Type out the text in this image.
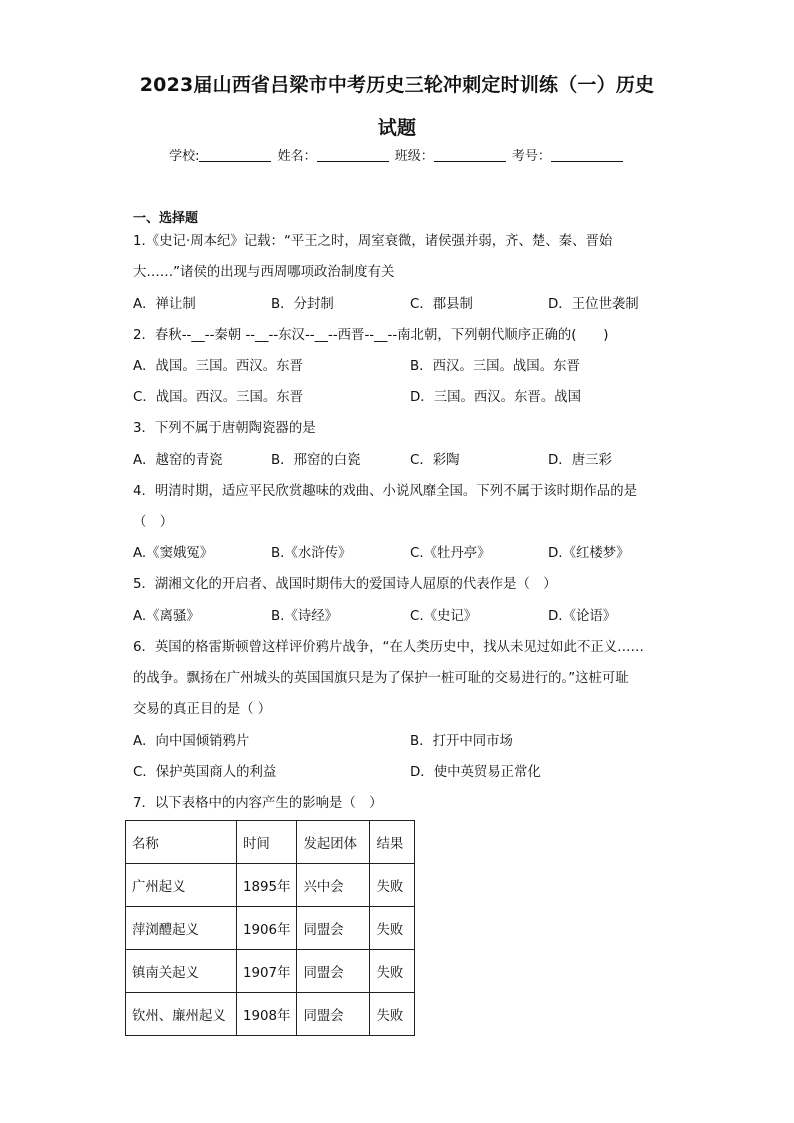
2023届山西省吕梁市中考历史三轮冲刺定时训练（一）历史
试题
学校:	姓名：	班级：	考号：
一、选择题
1.《史记·周本纪》记载：“平王之时，周室衰微，诸侯强并弱，齐、楚、秦、晋始
大……”诸侯的出现与西周哪项政治制度有关
A．禅让制	B．分封制	C．郡县制	D．王位世袭制
2．春秋--__--秦朝 --__--东汉--__--西晋--__--南北朝，下列朝代顺序正确的(　　)
A．战国。三国。西汉。东晋	B．西汉。三国。战国。东晋
C．战国。西汉。三国。东晋	D．三国。西汉。东晋。战国
3．下列不属于唐朝陶瓷器的是
A．越窑的青瓷	B．邢窑的白瓷	C．彩陶	D．唐三彩
4．明清时期，适应平民欣赏趣味的戏曲、小说风靡全国。下列不属于该时期作品的是
（　）
A.《窦娥冤》	B.《水浒传》	C.《牡丹亭》	D.《红楼梦》
5．湖湘文化的开启者、战国时期伟大的爱国诗人屈原的代表作是（　）
A.《离骚》	B.《诗经》	C.《史记》	D.《论语》
6．英国的格雷斯顿曾这样评价鸦片战争，“在人类历史中，找从未见过如此不正义……
的战争。飘扬在广州城头的英国国旗只是为了保护一桩可耻的交易进行的。”这桩可耻
交易的真正目的是（ ）
A．向中国倾销鸦片	B．打开中同市场
C．保护英国商人的利益	D．使中英贸易正常化
7．以下表格中的内容产生的影响是（　）
名称	时间	发起团体	结果
广州起义	1895年	兴中会	失败
萍浏醴起义	1906年	同盟会	失败
镇南关起义	1907年	同盟会	失败
钦州、廉州起义	1908年	同盟会	失败
